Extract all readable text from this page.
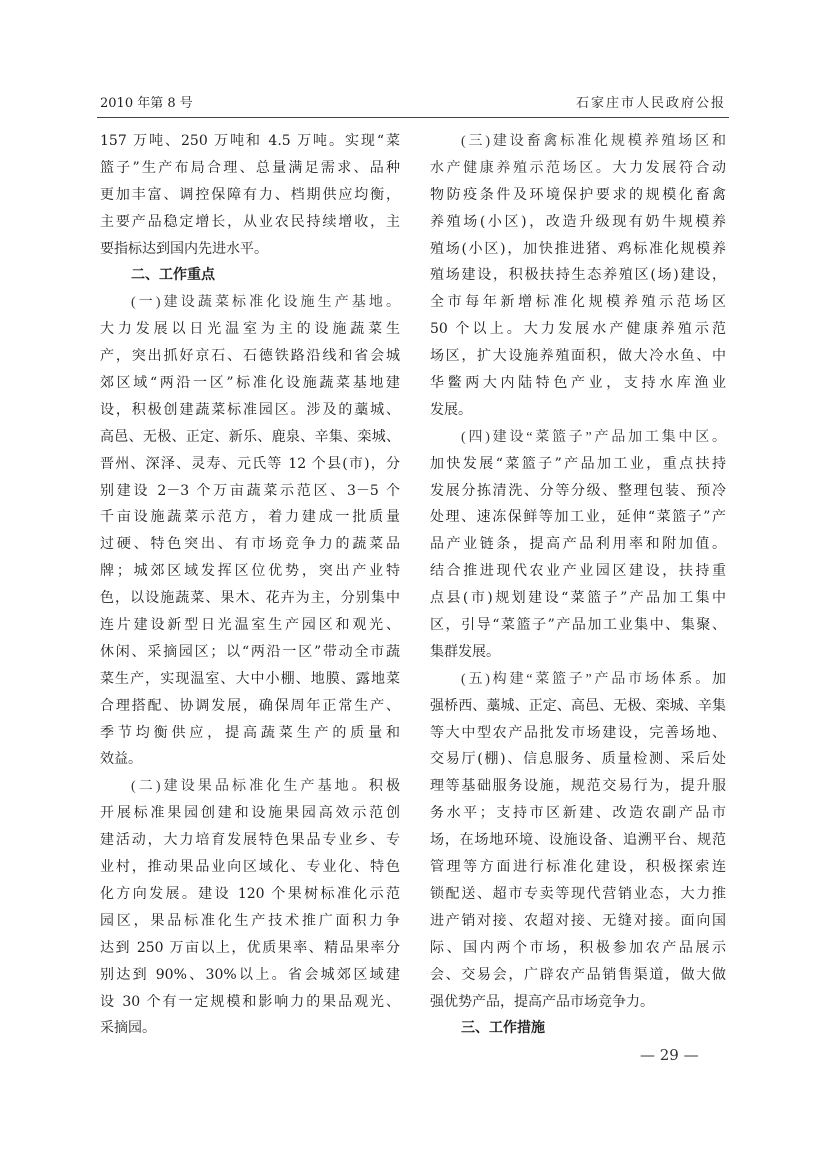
2010 年第 8 号	石家庄市人民政府公报
157 万吨、250 万吨和 4.5 万吨。实现“菜
篮子”生产布局合理、总量满足需求、品种
更加丰富、调控保障有力、档期供应均衡，
主要产品稳定增长，从业农民持续增收，主
要指标达到国内先进水平。
二、工作重点
(一)建设蔬菜标准化设施生产基地。
大力发展以日光温室为主的设施蔬菜生
产，突出抓好京石、石德铁路沿线和省会城
郊区域“两沿一区”标准化设施蔬菜基地建
设，积极创建蔬菜标准园区。涉及的藁城、
高邑、无极、正定、新乐、鹿泉、辛集、栾城、
晋州、深泽、灵寿、元氏等 12 个县(市)，分
别建设 2－3 个万亩蔬菜示范区、3－5 个
千亩设施蔬菜示范方，着力建成一批质量
过硬、特色突出、有市场竞争力的蔬菜品
牌；城郊区域发挥区位优势，突出产业特
色，以设施蔬菜、果木、花卉为主，分别集中
连片建设新型日光温室生产园区和观光、
休闲、采摘园区；以“两沿一区”带动全市蔬
菜生产，实现温室、大中小棚、地膜、露地菜
合理搭配、协调发展，确保周年正常生产、
季节均衡供应，提高蔬菜生产的质量和
效益。
(二)建设果品标准化生产基地。积极
开展标准果园创建和设施果园高效示范创
建活动，大力培育发展特色果品专业乡、专
业村，推动果品业向区域化、专业化、特色
化方向发展。建设 120 个果树标准化示范
园区，果品标准化生产技术推广面积力争
达到 250 万亩以上，优质果率、精品果率分
别达到 90%、30%以上。省会城郊区域建
设 30 个有一定规模和影响力的果品观光、
采摘园。
(三)建设畜禽标准化规模养殖场区和
水产健康养殖示范场区。大力发展符合动
物防疫条件及环境保护要求的规模化畜禽
养殖场(小区)，改造升级现有奶牛规模养
殖场(小区)，加快推进猪、鸡标准化规模养
殖场建设，积极扶持生态养殖区(场)建设，
全市每年新增标准化规模养殖示范场区
50 个以上。大力发展水产健康养殖示范
场区，扩大设施养殖面积，做大冷水鱼、中
华鳖两大内陆特色产业，支持水库渔业
发展。
(四)建设“菜篮子”产品加工集中区。
加快发展“菜篮子”产品加工业，重点扶持
发展分拣清洗、分等分级、整理包装、预冷
处理、速冻保鲜等加工业，延伸“菜篮子”产
品产业链条，提高产品利用率和附加值。
结合推进现代农业产业园区建设，扶持重
点县(市)规划建设“菜篮子”产品加工集中
区，引导“菜篮子”产品加工业集中、集聚、
集群发展。
(五)构建“菜篮子”产品市场体系。加
强桥西、藁城、正定、高邑、无极、栾城、辛集
等大中型农产品批发市场建设，完善场地、
交易厅(棚)、信息服务、质量检测、采后处
理等基础服务设施，规范交易行为，提升服
务水平；支持市区新建、改造农副产品市
场，在场地环境、设施设备、追溯平台、规范
管理等方面进行标准化建设，积极探索连
锁配送、超市专卖等现代营销业态，大力推
进产销对接、农超对接、无缝对接。面向国
际、国内两个市场，积极参加农产品展示
会、交易会，广辟农产品销售渠道，做大做
强优势产品，提高产品市场竞争力。
三、工作措施
— 29 —
